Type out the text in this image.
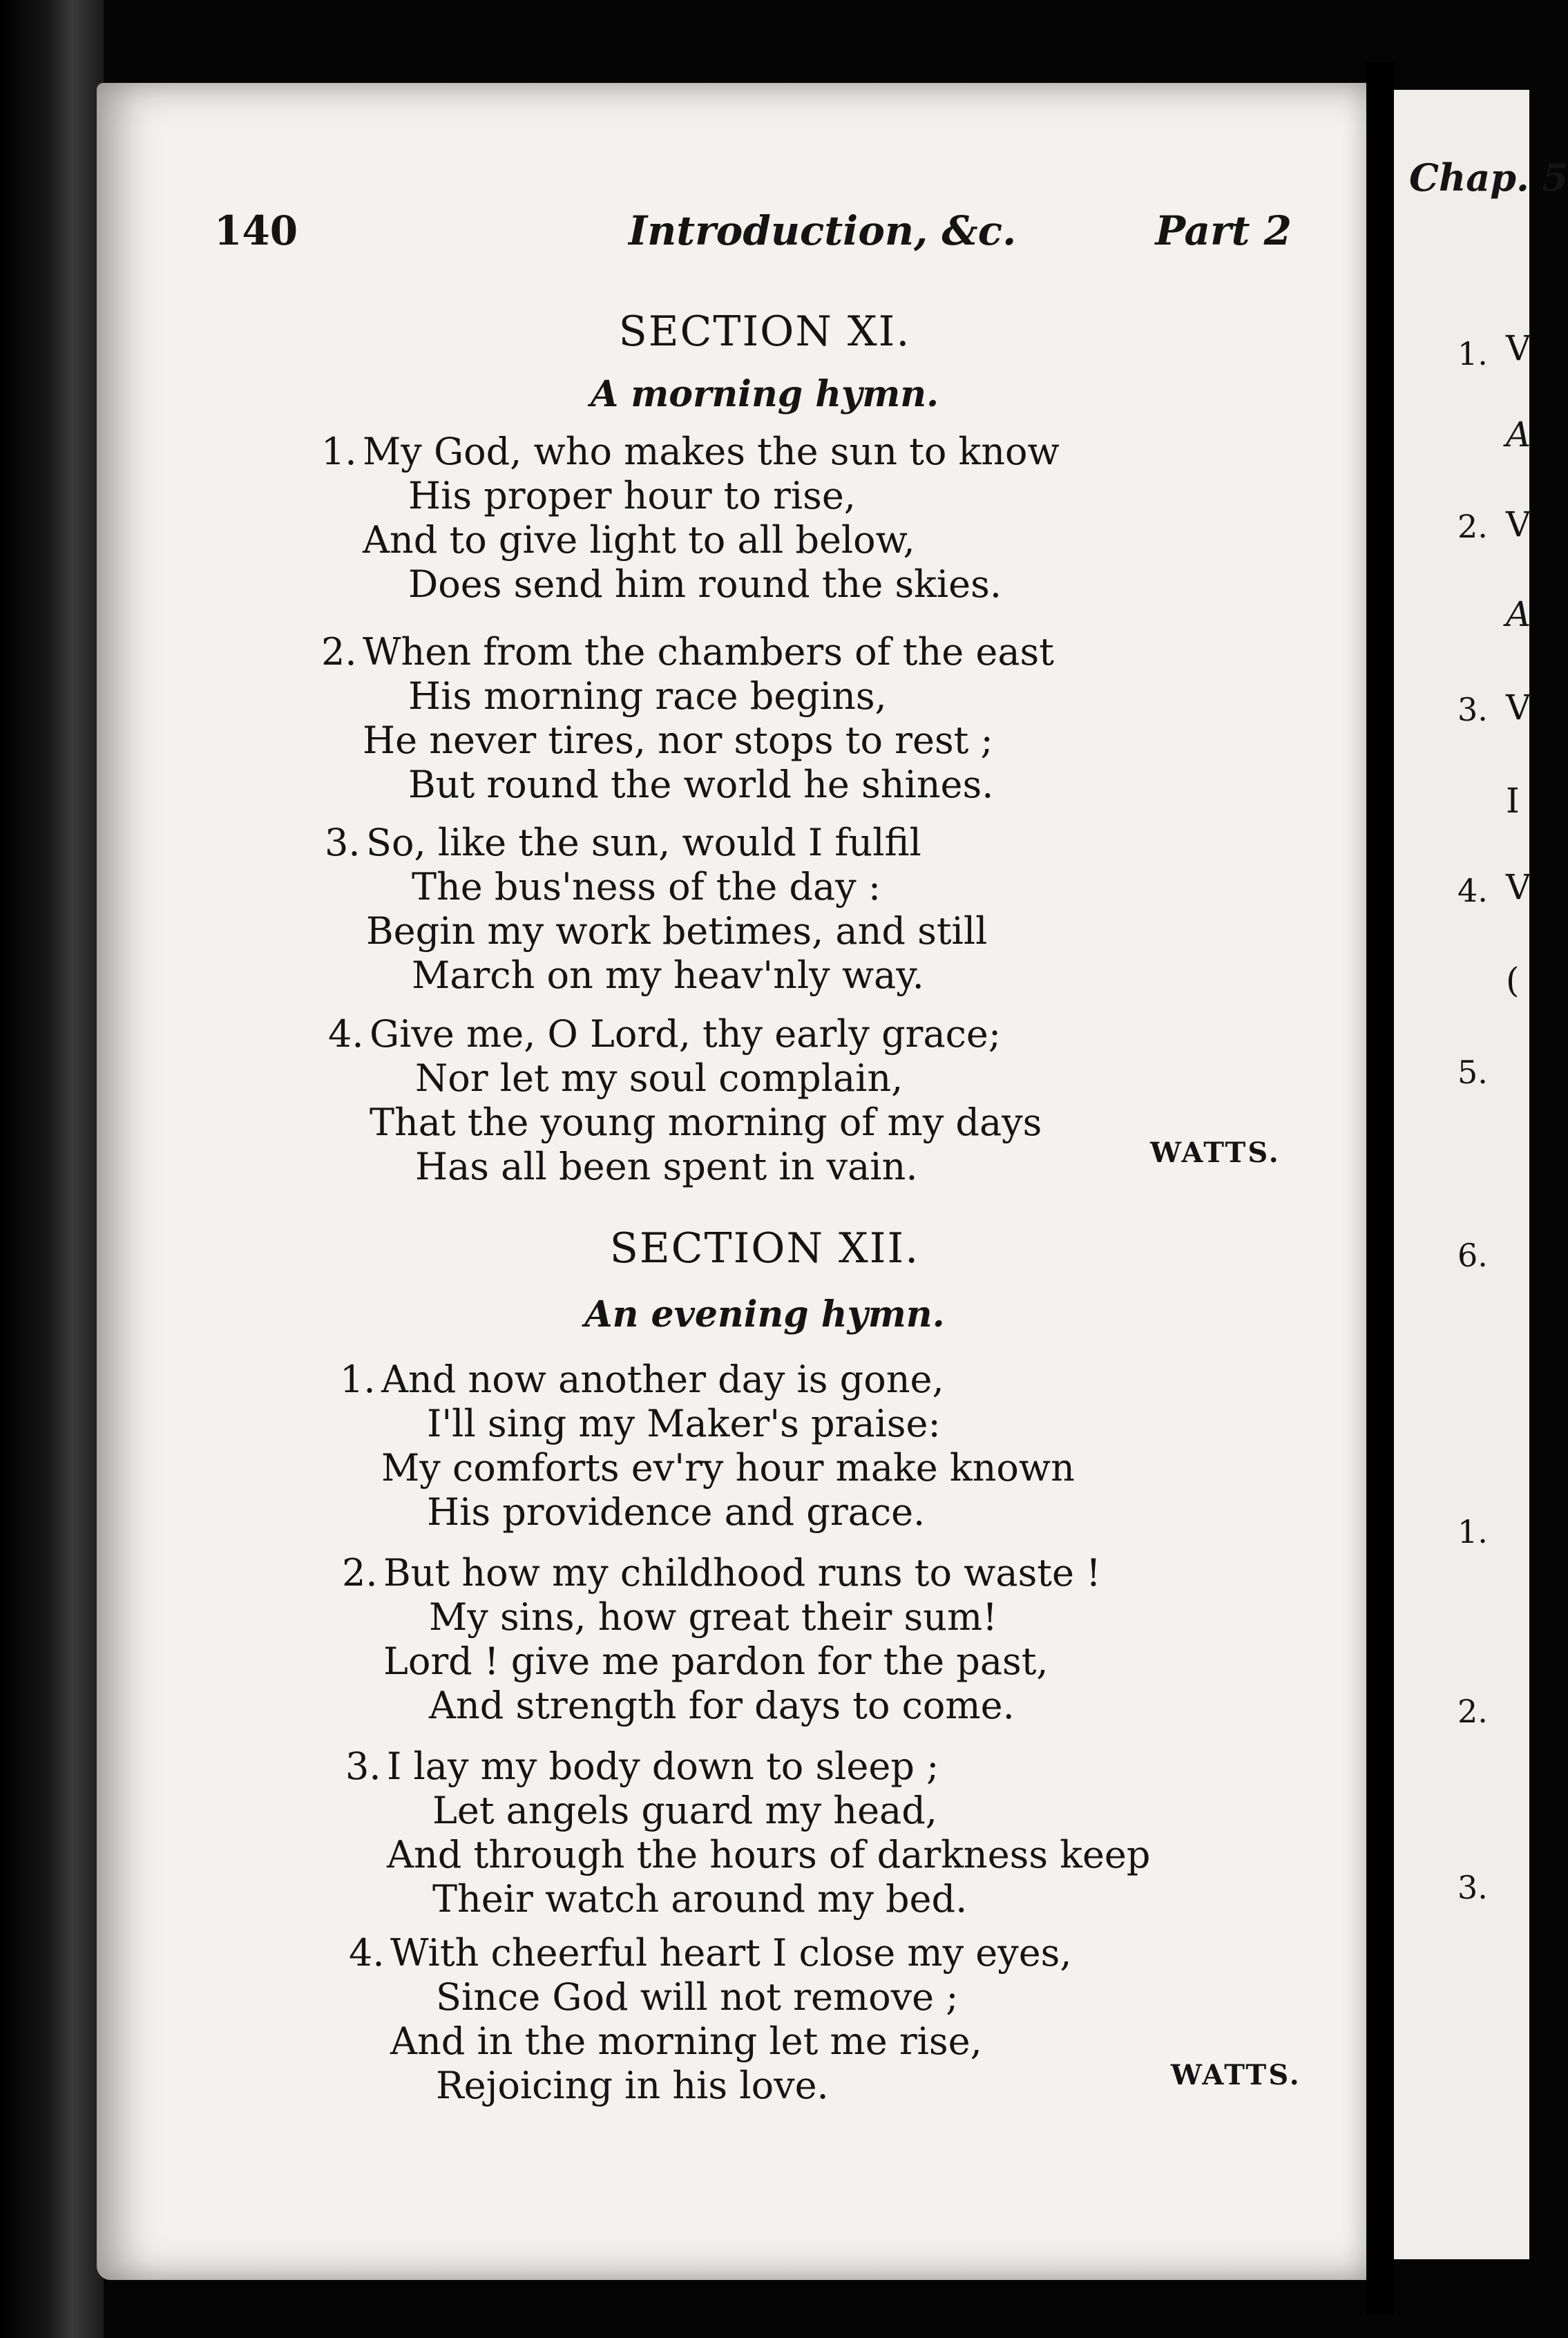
140	Introduction, &c.	Part 2
SECTION XI.
A morning hymn.
1. My God, who makes the sun to know
His proper hour to rise,
And to give light to all below,
Does send him round the skies.
2. When from the chambers of the east
His morning race begins,
He never tires, nor stops to rest ;
But round the world he shines.
3. So, like the sun, would I fulfil
The bus'ness of the day :
Begin my work betimes, and still
March on my heav'nly way.
4. Give me, O Lord, thy early grace;
Nor let my soul complain,
That the young morning of my days
Has all been spent in vain.	WATTS.
SECTION XII.
An evening hymn.
1. And now another day is gone,
I'll sing my Maker's praise:
My comforts ev'ry hour make known
His providence and grace.
2. But how my childhood runs to waste !
My sins, how great their sum!
Lord ! give me pardon for the past,
And strength for days to come.
3. I lay my body down to sleep ;
Let angels guard my head,
And through the hours of darkness keep
Their watch around my bed.
4. With cheerful heart I close my eyes,
Since God will not remove ;
And in the morning let me rise,
Rejoicing in his love.	WATTS.
Chap. 5
1.
2.
3.
4.
5.
6.
1.
2.
3.
V
A
V
A
V
I
V
(
